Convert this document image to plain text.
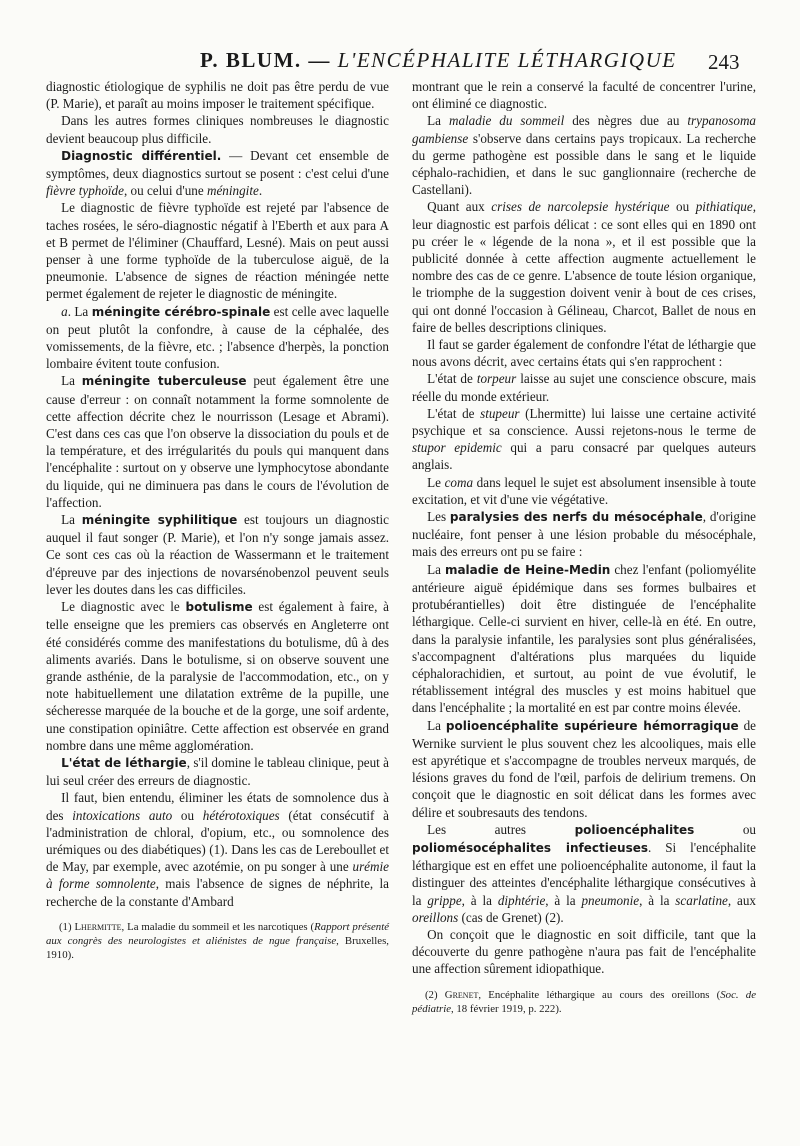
P. BLUM. — L'ENCÉPHALITE LÉTHARGIQUE 243

diagnostic étiologique de syphilis ne doit pas être perdu de vue (P. Marie), et paraît au moins imposer le traitement spécifique.

Dans les autres formes cliniques nombreuses le diagnostic devient beaucoup plus difficile.

Diagnostic différentiel. — Devant cet ensemble de symptômes, deux diagnostics surtout se posent : c'est celui d'une fièvre typhoïde, ou celui d'une méningite.

Le diagnostic de fièvre typhoïde est rejeté par l'absence de taches rosées, le séro-diagnostic négatif à l'Eberth et aux para A et B permet de l'éliminer (Chauffard, Lesné). Mais on peut aussi penser à une forme typhoïde de la tuberculose aiguë, de la pneumonie. L'absence de signes de réaction méningée nette permet également de rejeter le diagnostic de méningite.

a. La méningite cérébro-spinale est celle avec laquelle on peut plutôt la confondre, à cause de la céphalée, des vomissements, de la fièvre, etc. ; l'absence d'herpès, la ponction lombaire évitent toute confusion.

La méningite tuberculeuse peut également être une cause d'erreur : on connaît notamment la forme somnolente de cette affection décrite chez le nourrisson (Lesage et Abrami). C'est dans ces cas que l'on observe la dissociation du pouls et de la température, et des irrégularités du pouls qui manquent dans l'encéphalite : surtout on y observe une lymphocytose abondante du liquide, qui ne diminuera pas dans le cours de l'évolution de l'affection.

La méningite syphilitique est toujours un diagnostic auquel il faut songer (P. Marie), et l'on n'y songe jamais assez. Ce sont ces cas où la réaction de Wassermann et le traitement d'épreuve par des injections de novarsénobenzol peuvent seuls lever les doutes dans les cas difficiles.

Le diagnostic avec le botulisme est également à faire, à telle enseigne que les premiers cas observés en Angleterre ont été considérés comme des manifestations du botulisme, dû à des aliments avariés. Dans le botulisme, si on observe souvent une grande asthénie, de la paralysie de l'accommodation, etc., on y note habituellement une dilatation extrême de la pupille, une sécheresse marquée de la bouche et de la gorge, une soif ardente, une constipation opiniâtre. Cette affection est observée en grand nombre dans une même agglomération.

L'état de léthargie, s'il domine le tableau clinique, peut à lui seul créer des erreurs de diagnostic.

Il faut, bien entendu, éliminer les états de somnolence dus à des intoxications auto ou hétérotoxiques (état consécutif à l'administration de chloral, d'opium, etc., ou somnolence des urémiques ou des diabétiques) (1). Dans les cas de Lereboullet et de May, par exemple, avec azotémie, on pu songer à une urémie à forme somnolente, mais l'absence de signes de néphrite, la recherche de la constante d'Ambard

(1) Lhermitte, La maladie du sommeil et les narcotiques (Rapport présenté aux congrès des neurologistes et aliénistes de ngue française, Bruxelles, 1910).

montrant que le rein a conservé la faculté de concentrer l'urine, ont éliminé ce diagnostic.

La maladie du sommeil des nègres due au trypanosoma gambiense s'observe dans certains pays tropicaux. La recherche du germe pathogène est possible dans le sang et le liquide céphalo-rachidien, et dans le suc ganglionnaire (recherche de Castellani).

Quant aux crises de narcolepsie hystérique ou pithiatique, leur diagnostic est parfois délicat : ce sont elles qui en 1890 ont pu créer le « légende de la nona », et il est possible que la publicité donnée à cette affection augmente actuellement le nombre des cas de ce genre. L'absence de toute lésion organique, le triomphe de la suggestion doivent venir à bout de ces crises, qui ont donné l'occasion à Gélineau, Charcot, Ballet de nous en faire de belles descriptions cliniques.

Il faut se garder également de confondre l'état de léthargie que nous avons décrit, avec certains états qui s'en rapprochent :

L'état de torpeur laisse au sujet une conscience obscure, mais réelle du monde extérieur.

L'état de stupeur (Lhermitte) lui laisse une certaine activité psychique et sa conscience. Aussi rejetons-nous le terme de stupor epidemic qui a paru consacré par quelques auteurs anglais.

Le coma dans lequel le sujet est absolument insensible à toute excitation, et vit d'une vie végétative.

Les paralysies des nerfs du mésocéphale, d'origine nucléaire, font penser à une lésion probable du mésocéphale, mais des erreurs ont pu se faire :

La maladie de Heine-Medin chez l'enfant (poliomyélite antérieure aiguë épidémique dans ses formes bulbaires et protubérantielles) doit être distinguée de l'encéphalite léthargique. Celle-ci survient en hiver, celle-là en été. En outre, dans la paralysie infantile, les paralysies sont plus généralisées, s'accompagnent d'altérations plus marquées du liquide céphalorachidien, et surtout, au point de vue évolutif, le rétablissement intégral des muscles y est moins habituel que dans l'encéphalite ; la mortalité en est par contre moins élevée.

La polioencéphalite supérieure hémorragique de Wernike survient le plus souvent chez les alcooliques, mais elle est apyrétique et s'accompagne de troubles nerveux marqués, de lésions graves du fond de l'œil, parfois de delirium tremens. On conçoit que le diagnostic en soit délicat dans les formes avec délire et soubresauts des tendons.

Les autres polioencéphalites ou poliomésocéphalites infectieuses. Si l'encéphalite léthargique est en effet une polioencéphalite autonome, il faut la distinguer des atteintes d'encéphalite léthargique consécutives à la grippe, à la diphtérie, à la pneumonie, à la scarlatine, aux oreillons (cas de Grenet) (2).

On conçoit que le diagnostic en soit difficile, tant que la découverte du genre pathogène n'aura pas fait de l'encéphalite une affection sûrement idiopathique.

(2) Grenet, Encéphalite léthargique au cours des oreillons (Soc. de pédiatrie, 18 février 1919, p. 222).
